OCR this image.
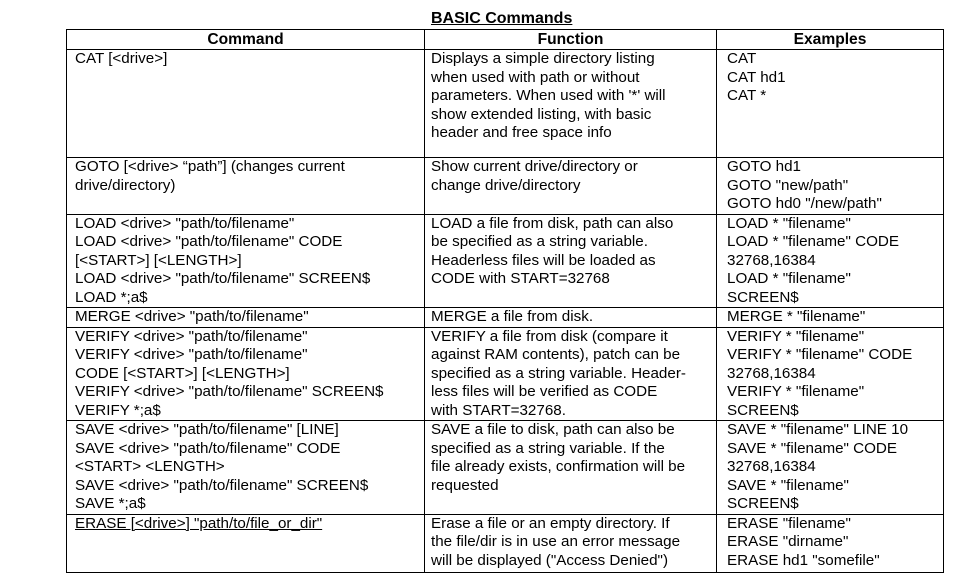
BASIC Commands
Command	Function	Examples

CAT [<drive>]	Displays a simple directory listing
when used with path or without
parameters. When used with '*' will
show extended listing, with basic
header and free space info	CAT
CAT hd1
CAT *

GOTO [<drive> “path”] (changes current
drive/directory)	Show current drive/directory or
change drive/directory	GOTO hd1
GOTO "new/path"
GOTO hd0 "/new/path"

LOAD <drive> "path/to/filename"
LOAD <drive> "path/to/filename" CODE
[<START>] [<LENGTH>]
LOAD <drive> "path/to/filename" SCREEN$
LOAD *;a$	LOAD a file from disk, path can also
be specified as a string variable.
Headerless files will be loaded as
CODE with START=32768	LOAD * "filename"
LOAD * "filename" CODE
32768,16384
LOAD * "filename"
SCREEN$

MERGE <drive> "path/to/filename"	MERGE a file from disk.	MERGE * "filename"

VERIFY <drive> "path/to/filename"
VERIFY <drive> "path/to/filename"
CODE [<START>] [<LENGTH>]
VERIFY <drive> "path/to/filename" SCREEN$
VERIFY *;a$	VERIFY a file from disk (compare it
against RAM contents), patch can be
specified as a string variable. Header-
less files will be verified as CODE
with START=32768.	VERIFY * "filename"
VERIFY * "filename" CODE
32768,16384
VERIFY * "filename"
SCREEN$

SAVE <drive> "path/to/filename" [LINE]
SAVE <drive> "path/to/filename" CODE
<START> <LENGTH>
SAVE <drive> "path/to/filename" SCREEN$
SAVE *;a$	SAVE a file to disk, path can also be
specified as a string variable. If the
file already exists, confirmation will be
requested	SAVE * "filename" LINE 10
SAVE * "filename" CODE
32768,16384
SAVE * "filename"
SCREEN$

ERASE [<drive>] "path/to/file_or_dir"	Erase a file or an empty directory. If
the file/dir is in use an error message
will be displayed ("Access Denied")	ERASE "filename"
ERASE "dirname"
ERASE hd1 "somefile"
